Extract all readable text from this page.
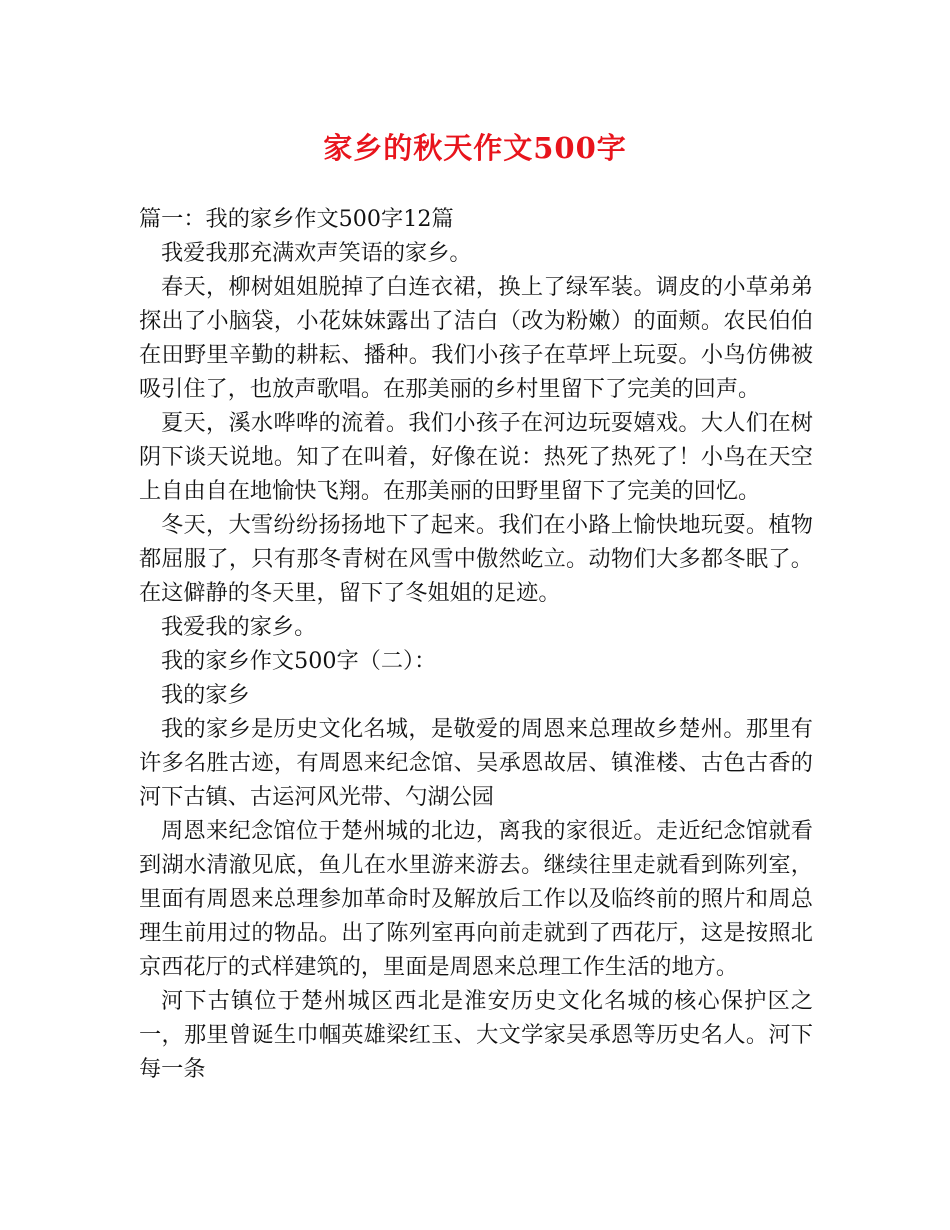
家乡的秋天作文500字

篇一：我的家乡作文500字12篇

我爱我那充满欢声笑语的家乡。

春天，柳树姐姐脱掉了白连衣裙，换上了绿军装。调皮的小草弟弟探出了小脑袋，小花妹妹露出了洁白（改为粉嫩）的面颊。农民伯伯在田野里辛勤的耕耘、播种。我们小孩子在草坪上玩耍。小鸟仿佛被吸引住了，也放声歌唱。在那美丽的乡村里留下了完美的回声。

夏天，溪水哗哗的流着。我们小孩子在河边玩耍嬉戏。大人们在树阴下谈天说地。知了在叫着，好像在说：热死了热死了！小鸟在天空上自由自在地愉快飞翔。在那美丽的田野里留下了完美的回忆。

冬天，大雪纷纷扬扬地下了起来。我们在小路上愉快地玩耍。植物都屈服了，只有那冬青树在风雪中傲然屹立。动物们大多都冬眠了。在这僻静的冬天里，留下了冬姐姐的足迹。

我爱我的家乡。

我的家乡作文500字（二）：

我的家乡

我的家乡是历史文化名城，是敬爱的周恩来总理故乡楚州。那里有许多名胜古迹，有周恩来纪念馆、吴承恩故居、镇淮楼、古色古香的河下古镇、古运河风光带、勺湖公园

周恩来纪念馆位于楚州城的北边，离我的家很近。走近纪念馆就看到湖水清澈见底，鱼儿在水里游来游去。继续往里走就看到陈列室，里面有周恩来总理参加革命时及解放后工作以及临终前的照片和周总理生前用过的物品。出了陈列室再向前走就到了西花厅，这是按照北京西花厅的式样建筑的，里面是周恩来总理工作生活的地方。

河下古镇位于楚州城区西北是淮安历史文化名城的核心保护区之一，那里曾诞生巾帼英雄梁红玉、大文学家吴承恩等历史名人。河下每一条
